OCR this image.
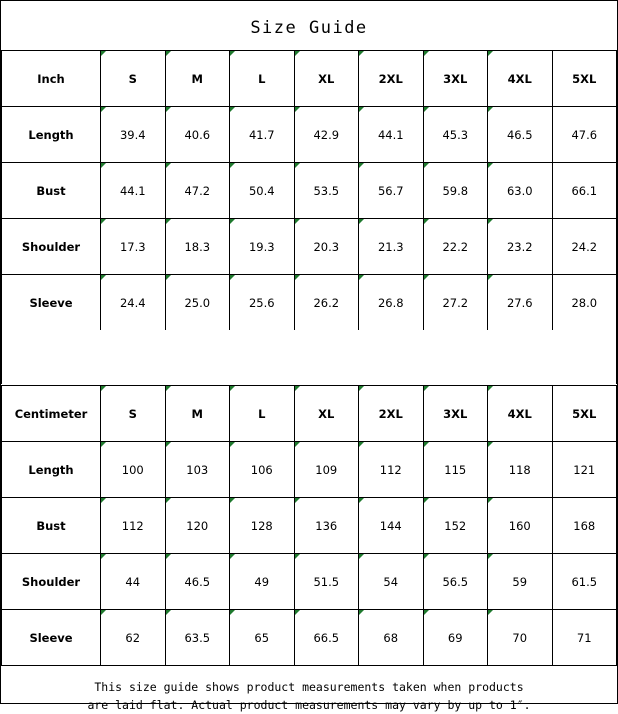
Size Guide
Inch	S	M	L	XL	2XL	3XL	4XL	5XL
Length	39.4	40.6	41.7	42.9	44.1	45.3	46.5	47.6
Bust	44.1	47.2	50.4	53.5	56.7	59.8	63.0	66.1
Shoulder	17.3	18.3	19.3	20.3	21.3	22.2	23.2	24.2
Sleeve	24.4	25.0	25.6	26.2	26.8	27.2	27.6	28.0
Centimeter	S	M	L	XL	2XL	3XL	4XL	5XL
Length	100	103	106	109	112	115	118	121
Bust	112	120	128	136	144	152	160	168
Shoulder	44	46.5	49	51.5	54	56.5	59	61.5
Sleeve	62	63.5	65	66.5	68	69	70	71
This size guide shows product measurements taken when products
are laid flat. Actual product measurements may vary by up to 1″.
